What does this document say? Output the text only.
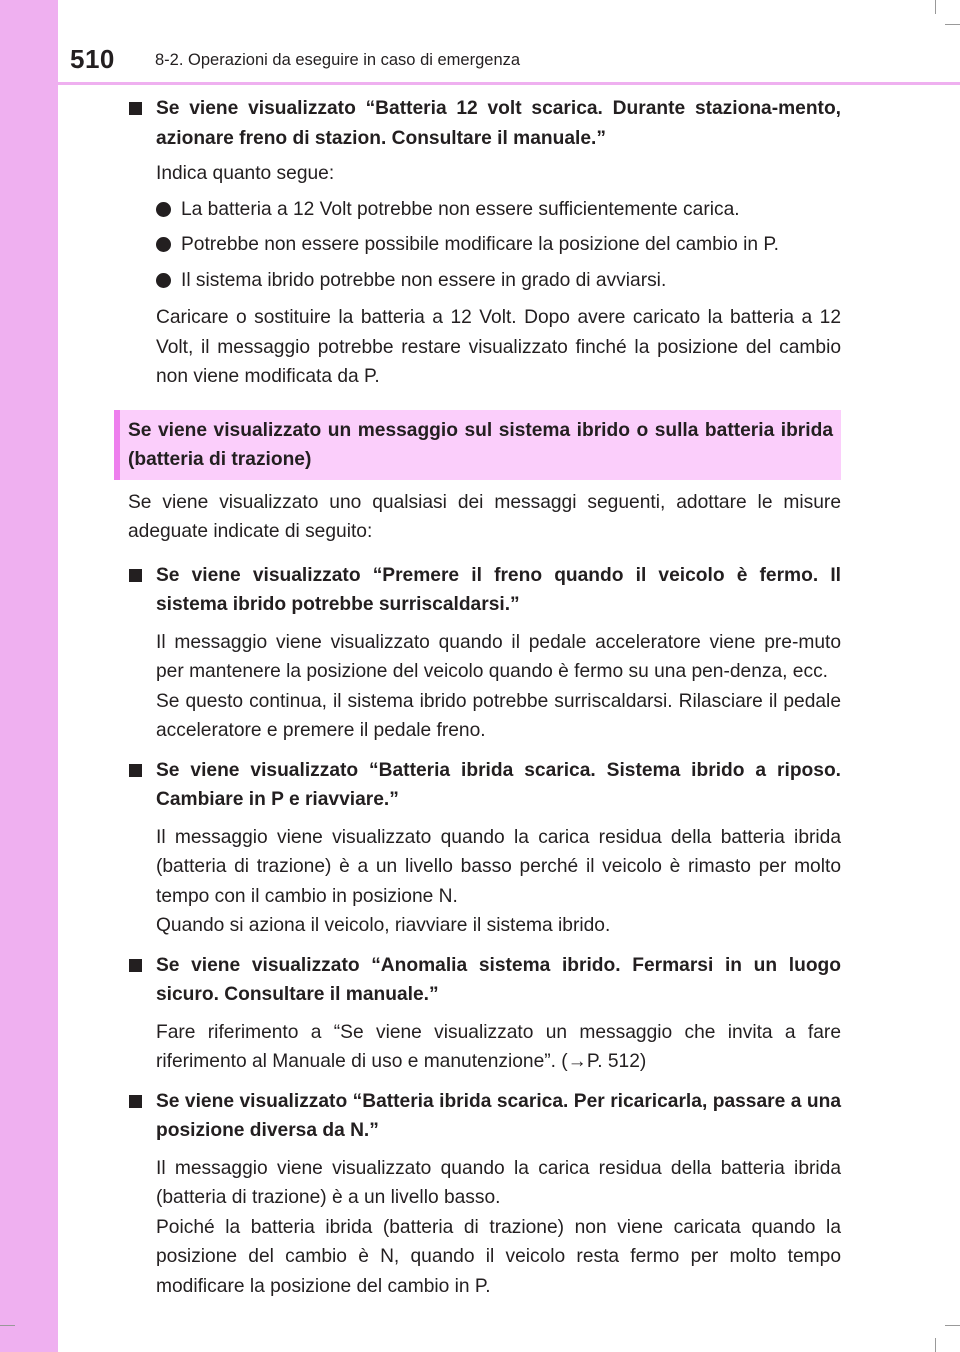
510 8-2. Operazioni da eseguire in caso di emergenza
Se viene visualizzato “Batteria 12 volt scarica. Durante staziona-mento, azionare freno di stazion. Consultare il manuale.”
Indica quanto segue:
La batteria a 12 Volt potrebbe non essere sufficientemente carica.
Potrebbe non essere possibile modificare la posizione del cambio in P.
Il sistema ibrido potrebbe non essere in grado di avviarsi.
Caricare o sostituire la batteria a 12 Volt. Dopo avere caricato la batteria a 12 Volt, il messaggio potrebbe restare visualizzato finché la posizione del cambio non viene modificata da P.
Se viene visualizzato un messaggio sul sistema ibrido o sulla batteria ibrida (batteria di trazione)
Se viene visualizzato uno qualsiasi dei messaggi seguenti, adottare le misure adeguate indicate di seguito:
Se viene visualizzato “Premere il freno quando il veicolo è fermo. Il sistema ibrido potrebbe surriscaldarsi.”
Il messaggio viene visualizzato quando il pedale acceleratore viene pre-muto per mantenere la posizione del veicolo quando è fermo su una pen-denza, ecc.
Se questo continua, il sistema ibrido potrebbe surriscaldarsi. Rilasciare il pedale acceleratore e premere il pedale freno.
Se viene visualizzato “Batteria ibrida scarica. Sistema ibrido a riposo. Cambiare in P e riavviare.”
Il messaggio viene visualizzato quando la carica residua della batteria ibrida (batteria di trazione) è a un livello basso perché il veicolo è rimasto per molto tempo con il cambio in posizione N.
Quando si aziona il veicolo, riavviare il sistema ibrido.
Se viene visualizzato “Anomalia sistema ibrido. Fermarsi in un luogo sicuro. Consultare il manuale.”
Fare riferimento a “Se viene visualizzato un messaggio che invita a fare riferimento al Manuale di uso e manutenzione”. (→P. 512)
Se viene visualizzato “Batteria ibrida scarica. Per ricaricarla, passare a una posizione diversa da N.”
Il messaggio viene visualizzato quando la carica residua della batteria ibrida (batteria di trazione) è a un livello basso.
Poiché la batteria ibrida (batteria di trazione) non viene caricata quando la posizione del cambio è N, quando il veicolo resta fermo per molto tempo modificare la posizione del cambio in P.
